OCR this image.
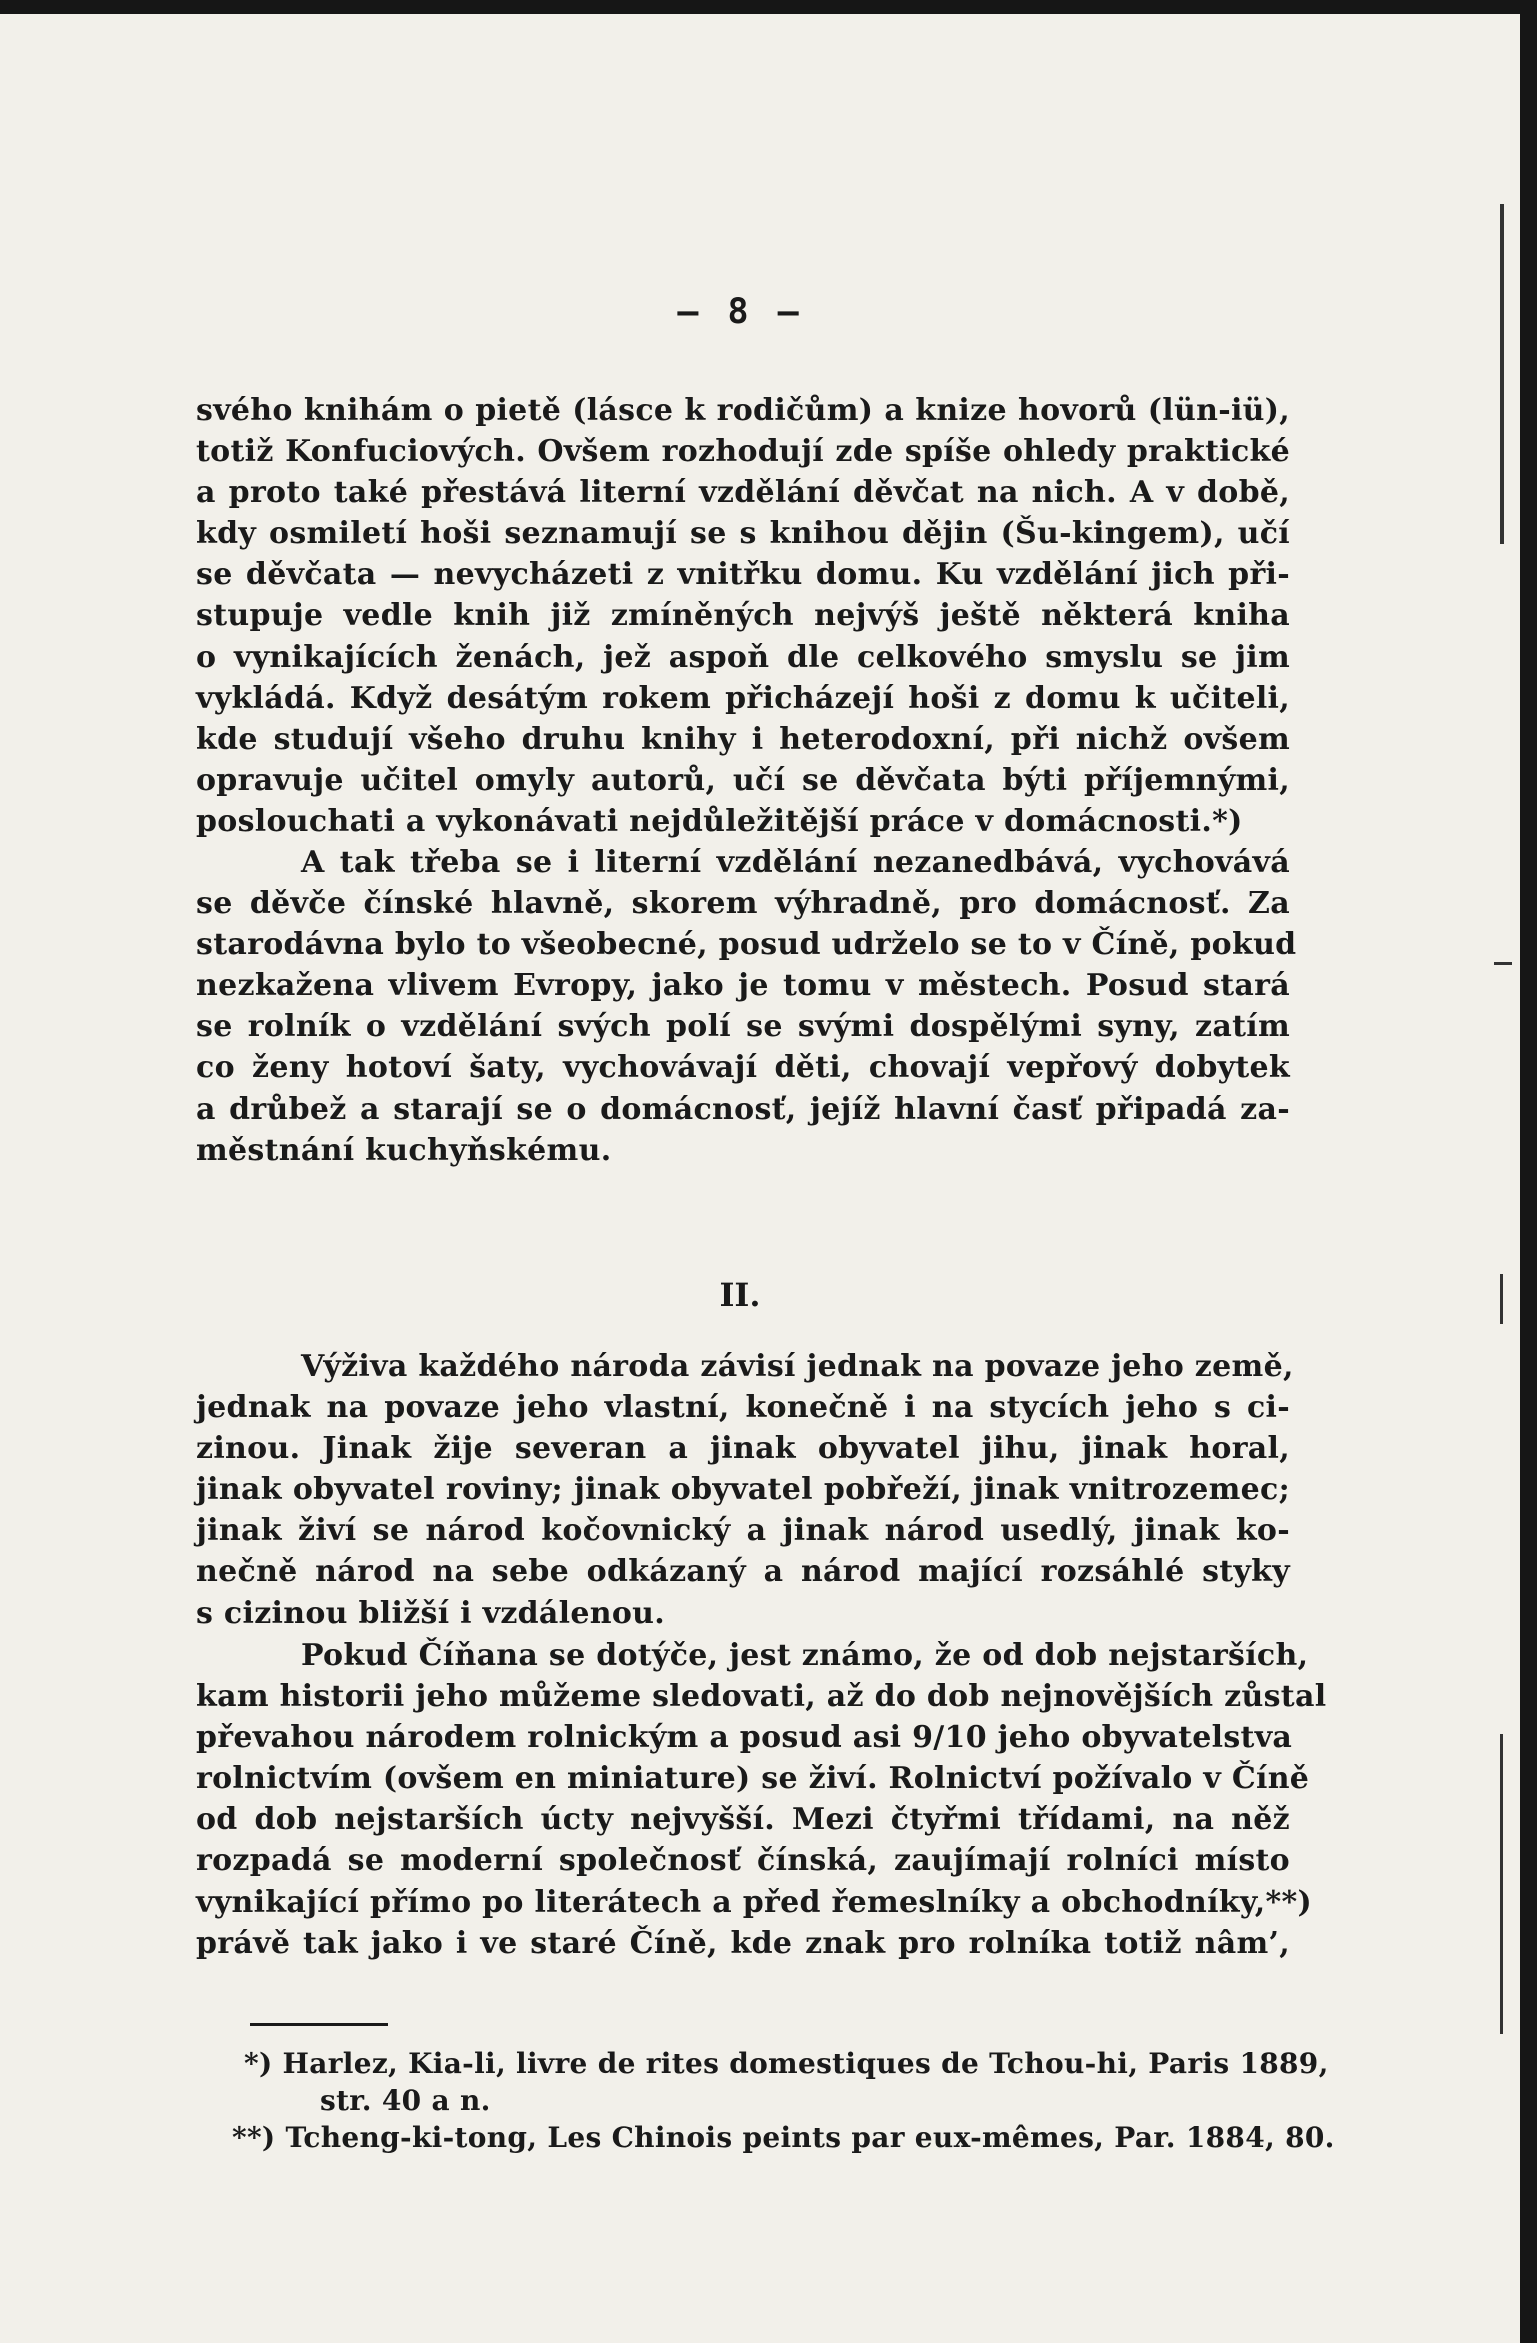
— 8 —
svého knihám o pietě (lásce k rodičům) a knize hovorů (lün-iü),
totiž Konfuciových. Ovšem rozhodují zde spíše ohledy praktické
a proto také přestává literní vzdělání děvčat na nich. A v době,
kdy osmiletí hoši seznamují se s knihou dějin (Šu-kingem), učí
se děvčata — nevycházeti z vnitřku domu. Ku vzdělání jich při-
stupuje vedle knih již zmíněných nejvýš ještě některá kniha
o vynikajících ženách, jež aspoň dle celkového smyslu se jim
vykládá. Když desátým rokem přicházejí hoši z domu k učiteli,
kde studují všeho druhu knihy i heterodoxní, při nichž ovšem
opravuje učitel omyly autorů, učí se děvčata býti příjemnými,
poslouchati a vykonávati nejdůležitější práce v domácnosti.*)
A tak třeba se i literní vzdělání nezanedbává, vychovává
se děvče čínské hlavně, skorem výhradně, pro domácnosť. Za
starodávna bylo to všeobecné, posud udrželo se to v Číně, pokud
nezkažena vlivem Evropy, jako je tomu v městech. Posud stará
se rolník o vzdělání svých polí se svými dospělými syny, zatím
co ženy hotoví šaty, vychovávají děti, chovají vepřový dobytek
a drůbež a starají se o domácnosť, jejíž hlavní časť připadá za-
městnání kuchyňskému.
II.
Výživa každého národa závisí jednak na povaze jeho země,
jednak na povaze jeho vlastní, konečně i na stycích jeho s ci-
zinou. Jinak žije severan a jinak obyvatel jihu, jinak horal,
jinak obyvatel roviny; jinak obyvatel pobřeží, jinak vnitrozemec;
jinak živí se národ kočovnický a jinak národ usedlý, jinak ko-
nečně národ na sebe odkázaný a národ mající rozsáhlé styky
s cizinou bližší i vzdálenou.
Pokud Číňana se dotýče, jest známo, že od dob nejstarších,
kam historii jeho můžeme sledovati, až do dob nejnovějších zůstal
převahou národem rolnickým a posud asi 9/10 jeho obyvatelstva
rolnictvím (ovšem en miniature) se živí. Rolnictví požívalo v Číně
od dob nejstarších úcty nejvyšší. Mezi čtyřmi třídami, na něž
rozpadá se moderní společnosť čínská, zaujímají rolníci místo
vynikající přímo po literátech a před řemeslníky a obchodníky,**)
právě tak jako i ve staré Číně, kde znak pro rolníka totiž nâm’,
*) Harlez, Kia-li, livre de rites domestiques de Tchou-hi, Paris 1889,
str. 40 a n.
**) Tcheng-ki-tong, Les Chinois peints par eux-mêmes, Par. 1884, 80.
